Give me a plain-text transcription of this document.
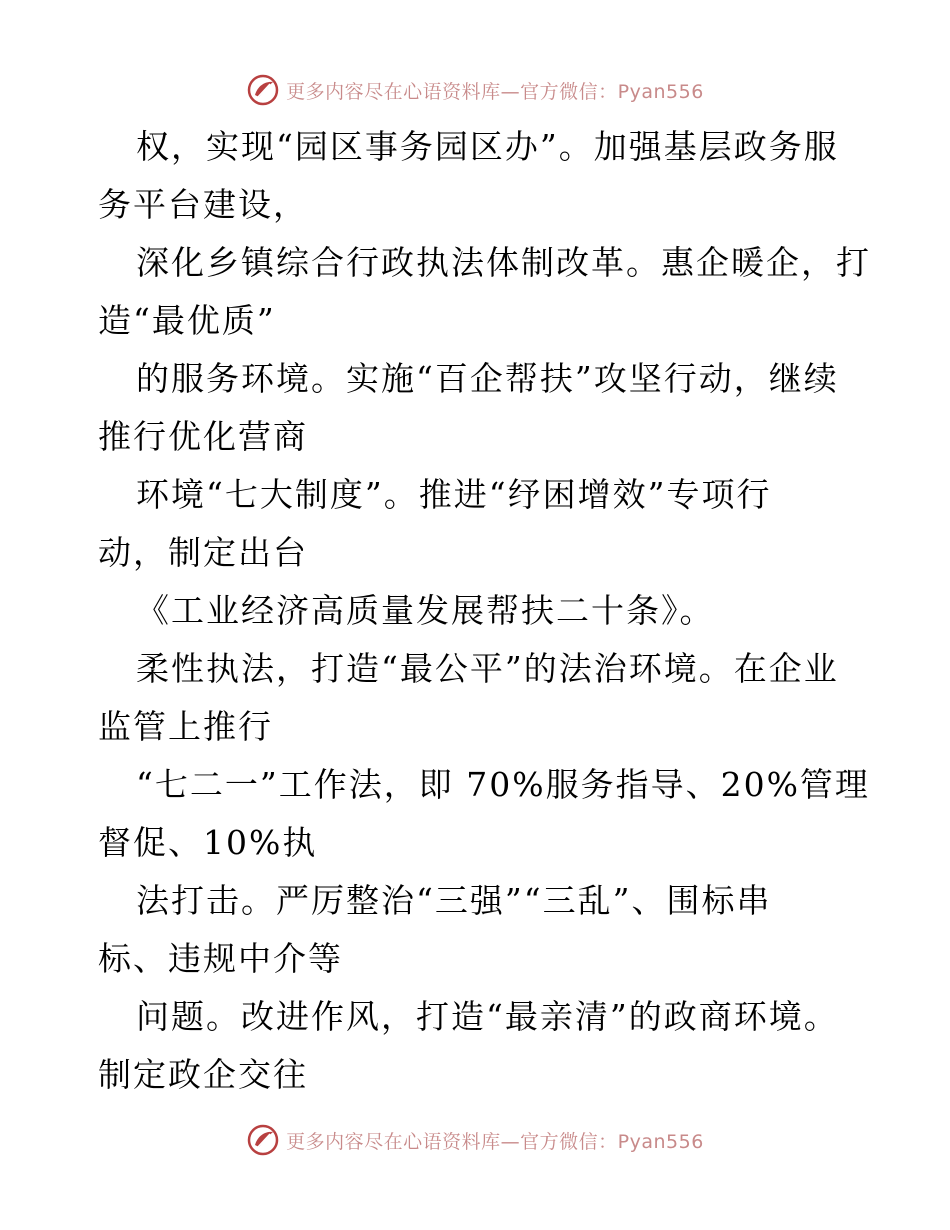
更多内容尽在心语资料库—官方微信：Pyan556
权，实现“园区事务园区办”。加强基层政务服
务平台建设，
深化乡镇综合行政执法体制改革。惠企暖企，打
造“最优质”
的服务环境。实施“百企帮扶”攻坚行动，继续
推行优化营商
环境“七大制度”。推进“纾困增效”专项行
动，制定出台
《工业经济高质量发展帮扶二十条》。
柔性执法，打造“最公平”的法治环境。在企业
监管上推行
“七二一”工作法，即 70%服务指导、20%管理
督促、10%执
法打击。严厉整治“三强”“三乱”、围标串
标、违规中介等
问题。改进作风，打造“最亲清”的政商环境。
制定政企交往
更多内容尽在心语资料库—官方微信：Pyan556
